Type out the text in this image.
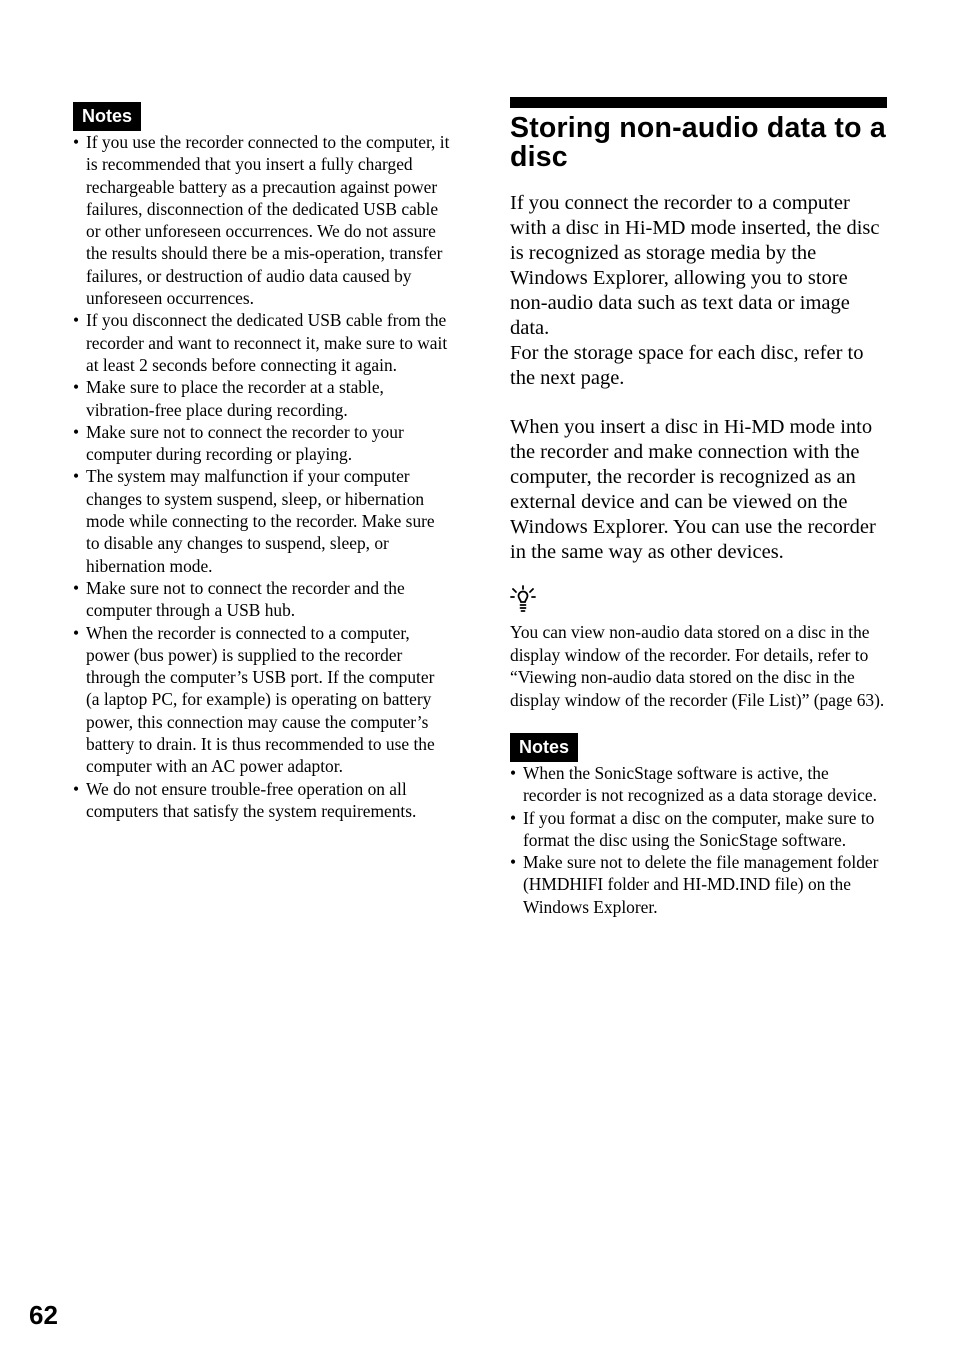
Notes
• If you use the recorder connected to the computer, it is recommended that you insert a fully charged rechargeable battery as a precaution against power failures, disconnection of the dedicated USB cable or other unforeseen occurrences. We do not assure the results should there be a mis-operation, transfer failures, or destruction of audio data caused by unforeseen occurrences.
• If you disconnect the dedicated USB cable from the recorder and want to reconnect it, make sure to wait at least 2 seconds before connecting it again.
• Make sure to place the recorder at a stable, vibration-free place during recording.
• Make sure not to connect the recorder to your computer during recording or playing.
• The system may malfunction if your computer changes to system suspend, sleep, or hibernation mode while connecting to the recorder. Make sure to disable any changes to suspend, sleep, or hibernation mode.
• Make sure not to connect the recorder and the computer through a USB hub.
• When the recorder is connected to a computer, power (bus power) is supplied to the recorder through the computer’s USB port. If the computer (a laptop PC, for example) is operating on battery power, this connection may cause the computer’s battery to drain. It is thus recommended to use the computer with an AC power adaptor.
• We do not ensure trouble-free operation on all computers that satisfy the system requirements.
Storing non-audio data to a disc

If you connect the recorder to a computer with a disc in Hi-MD mode inserted, the disc is recognized as storage media by the Windows Explorer, allowing you to store non-audio data such as text data or image data.

For the storage space for each disc, refer to the next page.

When you insert a disc in Hi-MD mode into the recorder and make connection with the computer, the recorder is recognized as an external device and can be viewed on the Windows Explorer. You can use the recorder in the same way as other devices.

You can view non-audio data stored on a disc in the display window of the recorder. For details, refer to “Viewing non-audio data stored on the disc in the display window of the recorder (File List)” (page 63).

Notes
• When the SonicStage software is active, the recorder is not recognized as a data storage device.
• If you format a disc on the computer, make sure to format the disc using the SonicStage software.
• Make sure not to delete the file management folder (HMDHIFI folder and HI-MD.IND file) on the Windows Explorer.
62
